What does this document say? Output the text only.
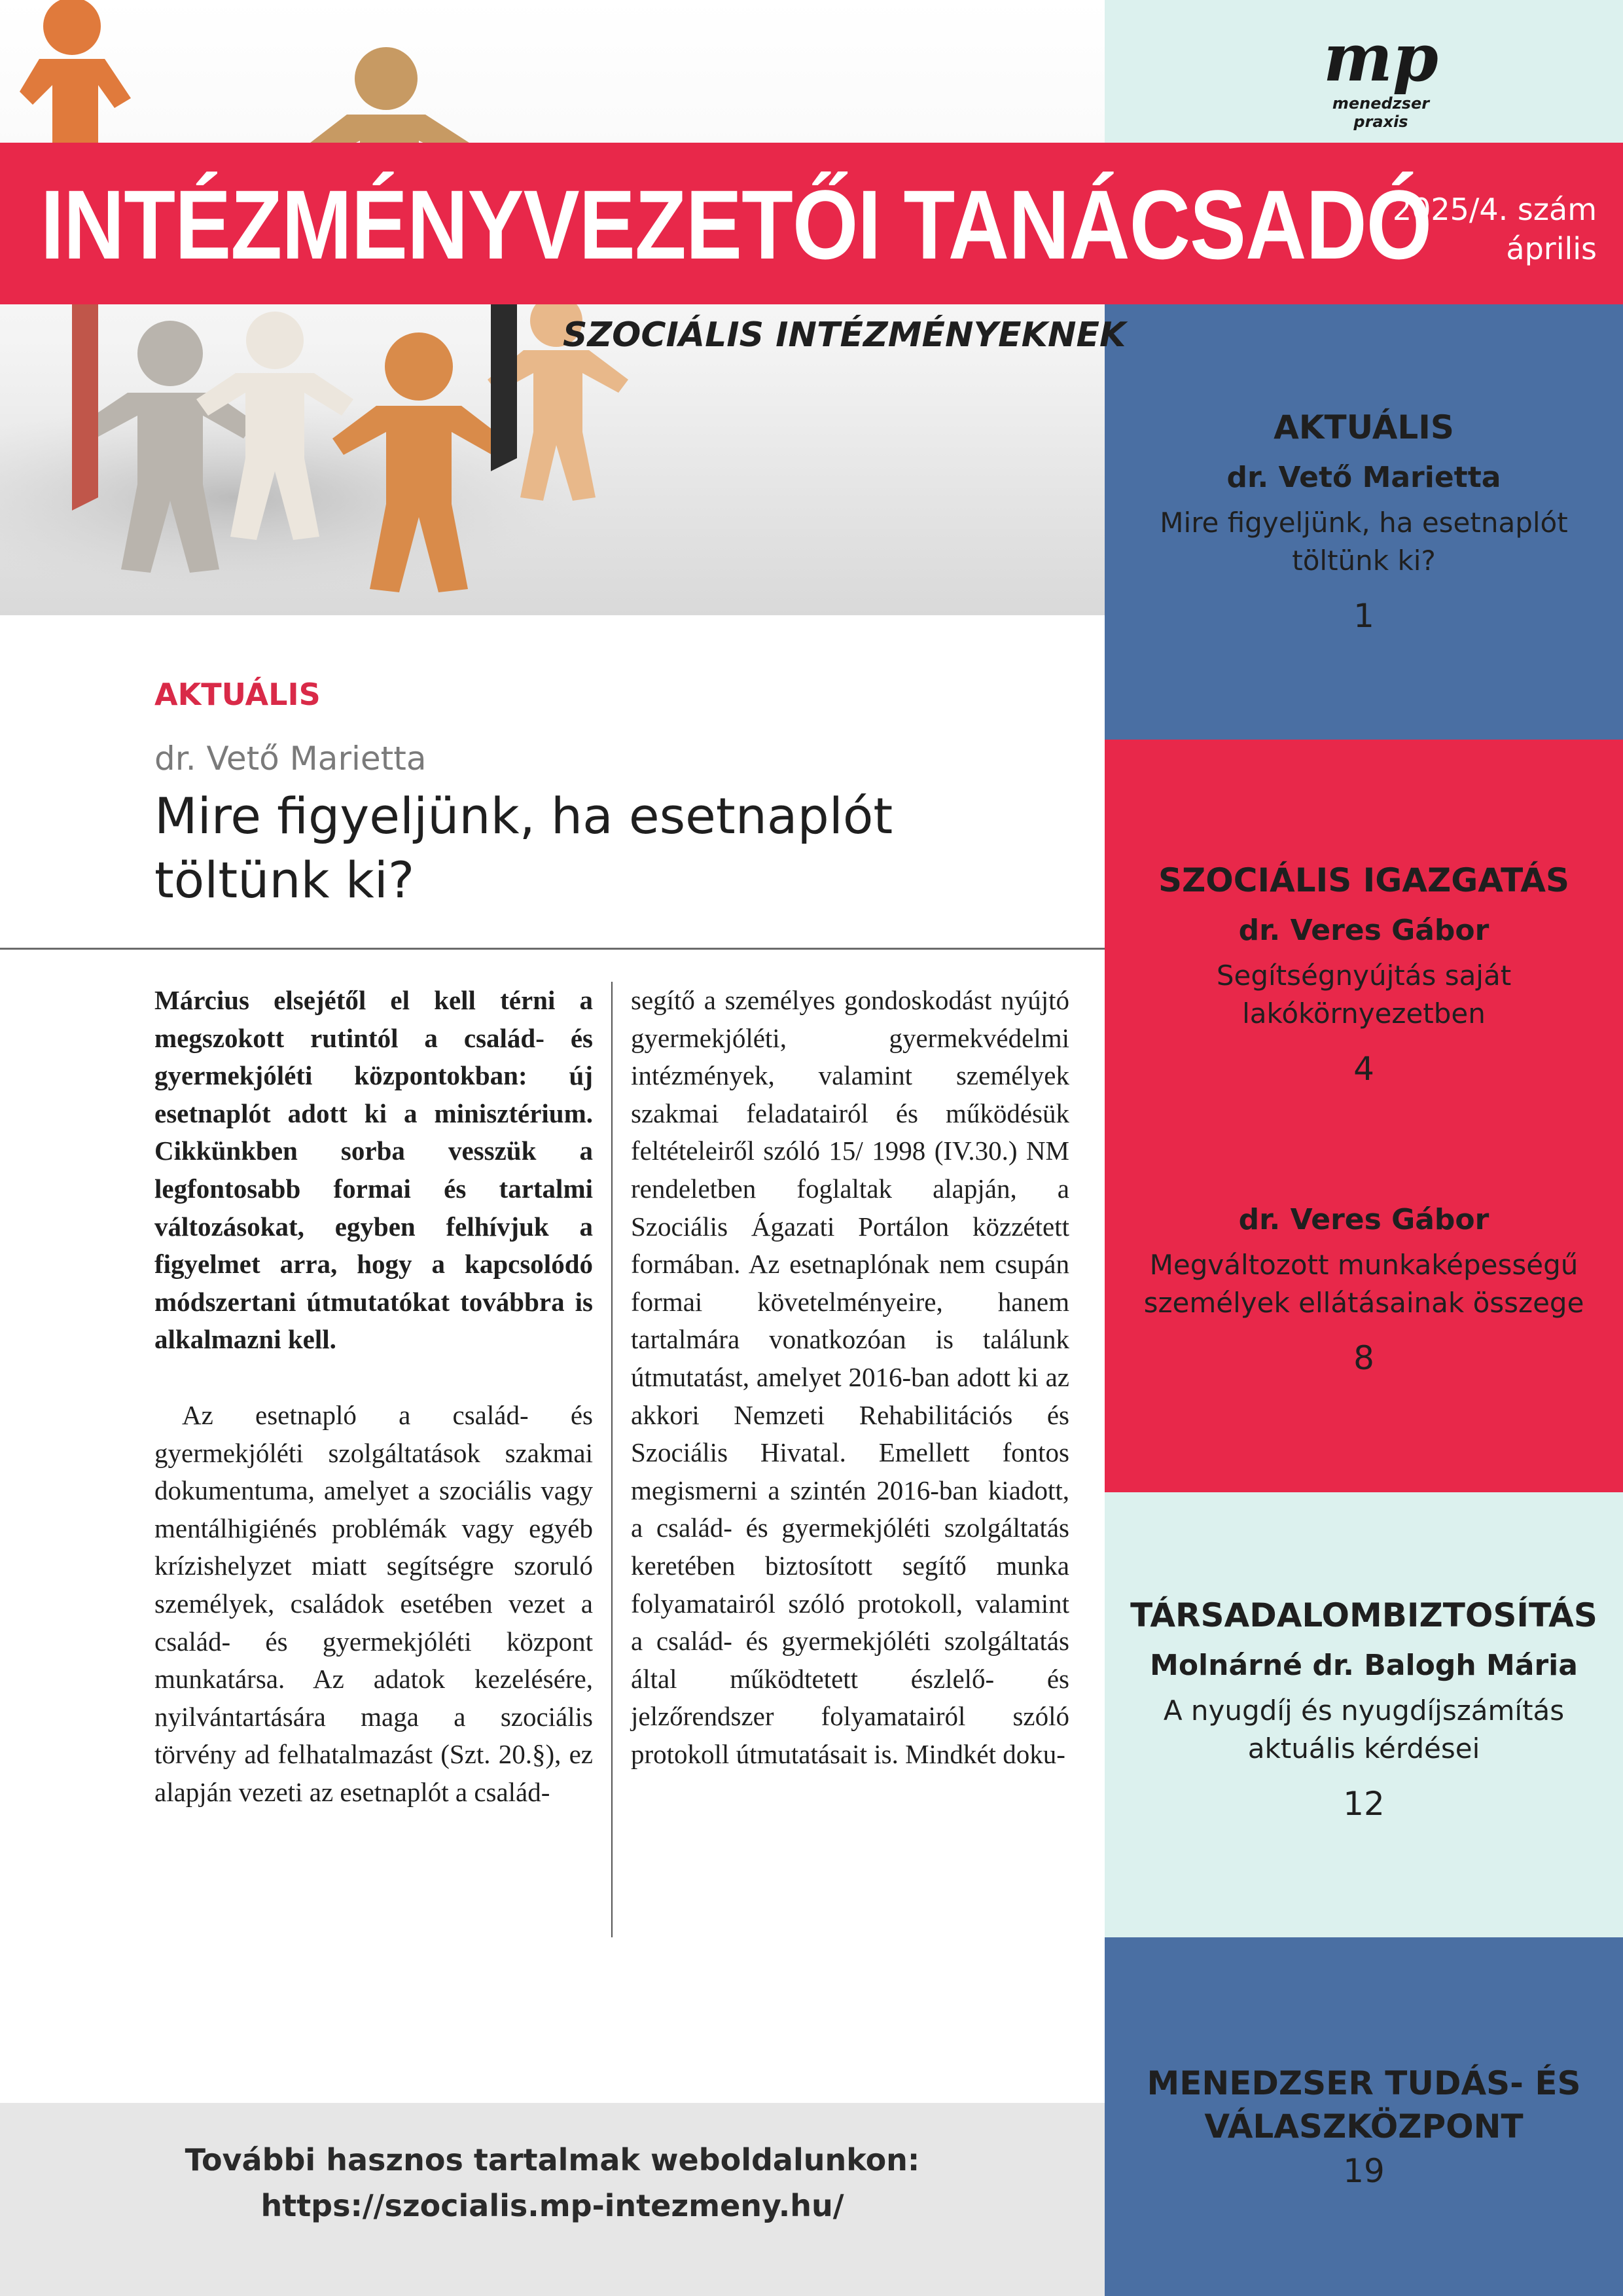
mp
menedzser praxis
INTÉZMÉNYVEZETŐI TANÁCSADÓ
2025/4. szám
április
SZOCIÁLIS INTÉZMÉNYEKNEK
AKTUÁLIS
dr. Vető Marietta
Mire figyeljünk, ha esetnaplót töltünk ki?
1
SZOCIÁLIS IGAZGATÁS
dr. Veres Gábor
Segítségnyújtás saját lakókörnyezetben
4
dr. Veres Gábor
Megváltozott munkaképességű személyek ellátásainak összege
8
TÁRSADALOMBIZTOSÍTÁS
Molnárné dr. Balogh Mária
A nyugdíj és nyugdíjszámítás aktuális kérdései
12
MENEDZSER TUDÁS- ÉS VÁLASZKÖZPONT
19
AKTUÁLIS
dr. Vető Marietta
Mire figyeljünk, ha esetnaplót töltünk ki?

Március elsejétől el kell térni a megszokott rutintól a család- és gyermekjóléti központokban: új esetnaplót adott ki a minisztérium. Cikkünkben sorba vesszük a legfontosabb formai és tartalmi változásokat, egyben felhívjuk a figyelmet arra, hogy a kapcsolódó módszertani útmutatókat továbbra is alkalmazni kell.

Az esetnapló a család- és gyermekjóléti szolgáltatások szakmai dokumentuma, amelyet a szociális vagy mentálhigiénés problémák vagy egyéb krízishelyzet miatt segítségre szoruló személyek, családok esetében vezet a család- és gyermekjóléti központ munkatársa. Az adatok kezelésére, nyilvántartására maga a szociális törvény ad felhatalmazást (Szt. 20.§), ez alapján vezeti az esetnaplót a család-

segítő a személyes gondoskodást nyújtó gyermekjóléti, gyermekvédelmi intézmények, valamint személyek szakmai feladatairól és működésük feltételeiről szóló 15/ 1998 (IV.30.) NM rendeletben foglaltak alapján, a Szociális Ágazati Portálon közzétett formában. Az esetnaplónak nem csupán formai követelményeire, hanem tartalmára vonatkozóan is találunk útmutatást, amelyet 2016-ban adott ki az akkori Nemzeti Rehabilitációs és Szociális Hivatal. Emellett fontos megismerni a szintén 2016-ban kiadott, a család- és gyermekjóléti szolgáltatás keretében biztosított segítő munka folyamatairól szóló protokoll, valamint a család- és gyermekjóléti szolgáltatás által működtetett észlelő- és jelzőrendszer folyamatairól szóló protokoll útmutatásait is. Mindkét doku-

További hasznos tartalmak weboldalunkon:
https://szocialis.mp-intezmeny.hu/
